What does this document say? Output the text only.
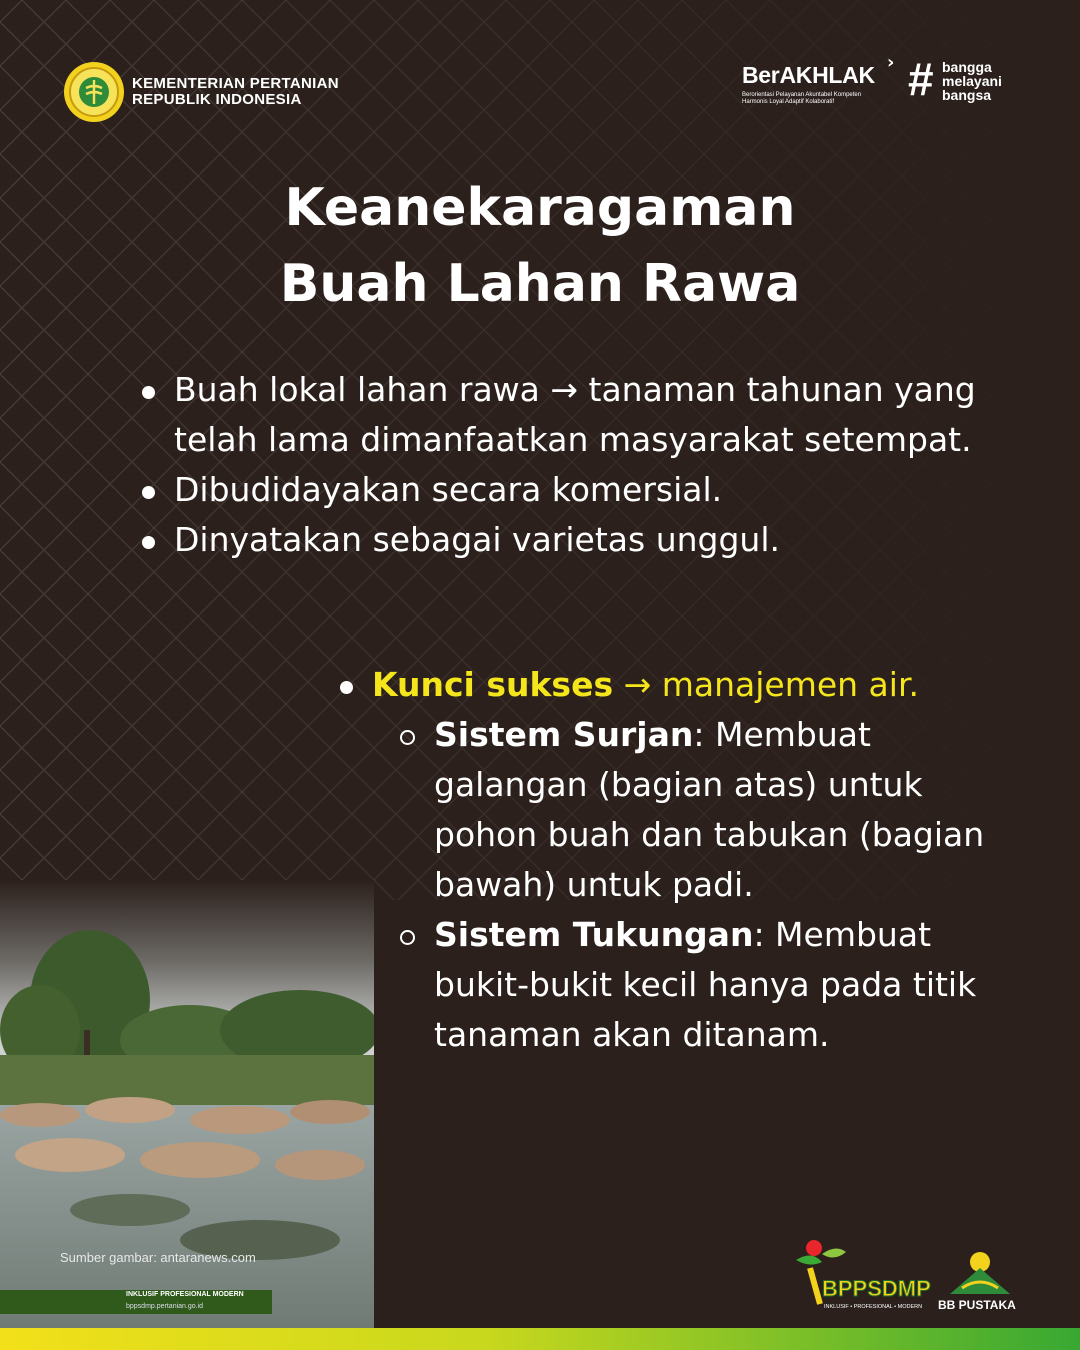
KEMENTERIAN PERTANIAN
REPUBLIK INDONESIA
BerAKHLAK ›
Berorientasi Pelayanan Akuntabel Kompeten
Harmonis Loyal Adaptif Kolaboratif	# bangga
melayani
bangsa
Keanekaragaman
Buah Lahan Rawa
Buah lokal lahan rawa → tanaman tahunan yang telah lama dimanfaatkan masyarakat setempat.
Dibudidayakan secara komersial.
Dinyatakan sebagai varietas unggul.
Kunci sukses → manajemen air.
Sistem Surjan: Membuat galangan (bagian atas) untuk pohon buah dan tabukan (bagian bawah) untuk padi.
Sistem Tukungan: Membuat bukit-bukit kecil hanya pada titik tanaman akan ditanam.
Sumber gambar: antaranews.com
INKLUSIF PROFESIONAL MODERN
bppsdmp.pertanian.go.id
BPPSDMP
INKLUSIF • PROFESIONAL • MODERN BB PUSTAKA
